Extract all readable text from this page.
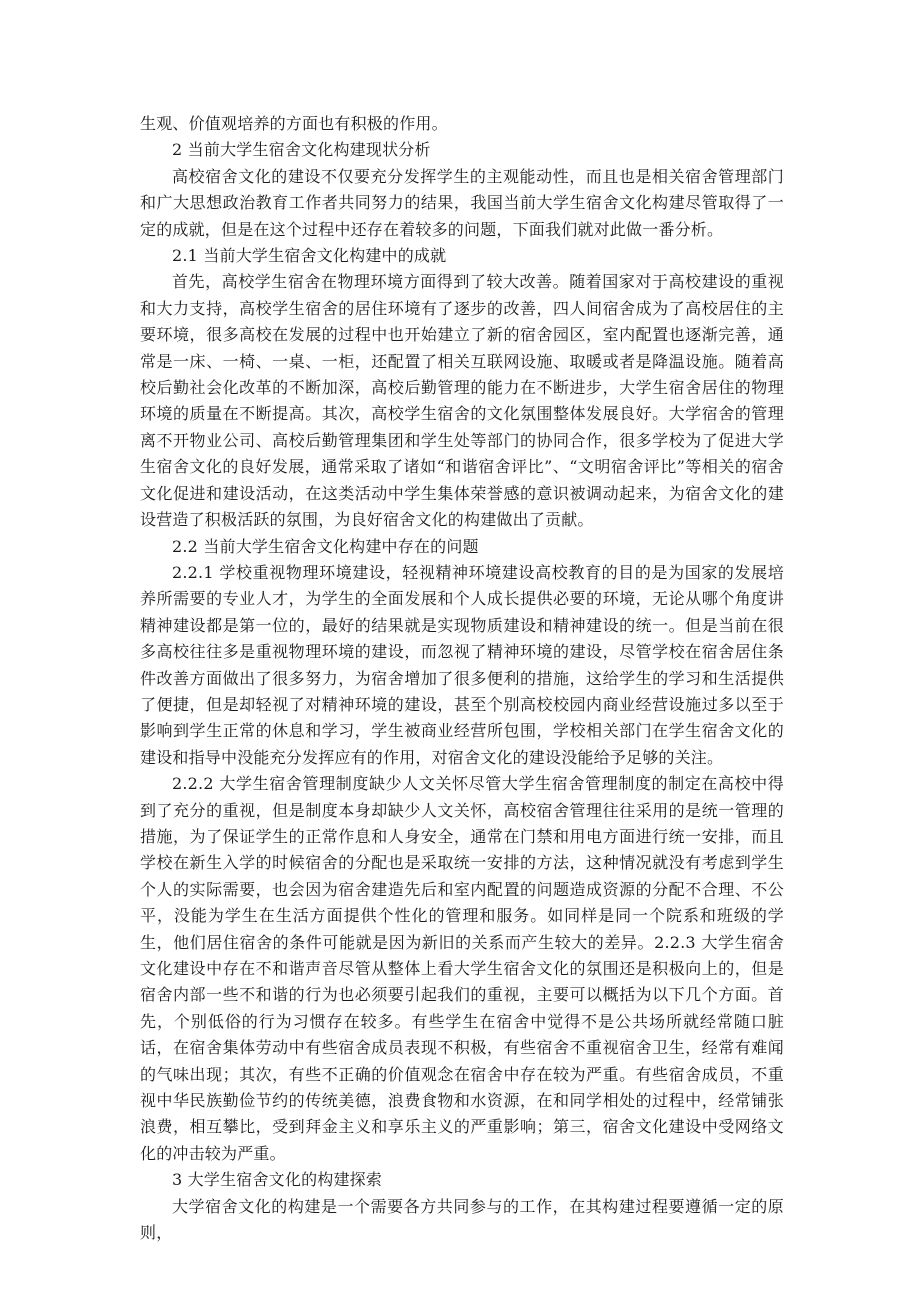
生观、价值观培养的方面也有积极的作用。

2 当前大学生宿舍文化构建现状分析

高校宿舍文化的建设不仅要充分发挥学生的主观能动性，而且也是相关宿舍管理部门和广大思想政治教育工作者共同努力的结果，我国当前大学生宿舍文化构建尽管取得了一定的成就，但是在这个过程中还存在着较多的问题，下面我们就对此做一番分析。

2.1 当前大学生宿舍文化构建中的成就

首先，高校学生宿舍在物理环境方面得到了较大改善。随着国家对于高校建设的重视和大力支持，高校学生宿舍的居住环境有了逐步的改善，四人间宿舍成为了高校居住的主要环境，很多高校在发展的过程中也开始建立了新的宿舍园区，室内配置也逐渐完善，通常是一床、一椅、一桌、一柜，还配置了相关互联网设施、取暖或者是降温设施。随着高校后勤社会化改革的不断加深，高校后勤管理的能力在不断进步，大学生宿舍居住的物理环境的质量在不断提高。其次，高校学生宿舍的文化氛围整体发展良好。大学宿舍的管理离不开物业公司、高校后勤管理集团和学生处等部门的协同合作，很多学校为了促进大学生宿舍文化的良好发展，通常采取了诸如“和谐宿舍评比”、“文明宿舍评比”等相关的宿舍文化促进和建设活动，在这类活动中学生集体荣誉感的意识被调动起来，为宿舍文化的建设营造了积极活跃的氛围，为良好宿舍文化的构建做出了贡献。

2.2 当前大学生宿舍文化构建中存在的问题

2.2.1 学校重视物理环境建设，轻视精神环境建设高校教育的目的是为国家的发展培养所需要的专业人才，为学生的全面发展和个人成长提供必要的环境，无论从哪个角度讲精神建设都是第一位的，最好的结果就是实现物质建设和精神建设的统一。但是当前在很多高校往往多是重视物理环境的建设，而忽视了精神环境的建设，尽管学校在宿舍居住条件改善方面做出了很多努力，为宿舍增加了很多便利的措施，这给学生的学习和生活提供了便捷，但是却轻视了对精神环境的建设，甚至个别高校校园内商业经营设施过多以至于影响到学生正常的休息和学习，学生被商业经营所包围，学校相关部门在学生宿舍文化的建设和指导中没能充分发挥应有的作用，对宿舍文化的建设没能给予足够的关注。

2.2.2 大学生宿舍管理制度缺少人文关怀尽管大学生宿舍管理制度的制定在高校中得到了充分的重视，但是制度本身却缺少人文关怀，高校宿舍管理往往采用的是统一管理的措施，为了保证学生的正常作息和人身安全，通常在门禁和用电方面进行统一安排，而且学校在新生入学的时候宿舍的分配也是采取统一安排的方法，这种情况就没有考虑到学生个人的实际需要，也会因为宿舍建造先后和室内配置的问题造成资源的分配不合理、不公平，没能为学生在生活方面提供个性化的管理和服务。如同样是同一个院系和班级的学生，他们居住宿舍的条件可能就是因为新旧的关系而产生较大的差异。2.2.3 大学生宿舍文化建设中存在不和谐声音尽管从整体上看大学生宿舍文化的氛围还是积极向上的，但是宿舍内部一些不和谐的行为也必须要引起我们的重视，主要可以概括为以下几个方面。首先，个别低俗的行为习惯存在较多。有些学生在宿舍中觉得不是公共场所就经常随口脏话，在宿舍集体劳动中有些宿舍成员表现不积极，有些宿舍不重视宿舍卫生，经常有难闻的气味出现；其次，有些不正确的价值观念在宿舍中存在较为严重。有些宿舍成员，不重视中华民族勤俭节约的传统美德，浪费食物和水资源，在和同学相处的过程中，经常铺张浪费，相互攀比，受到拜金主义和享乐主义的严重影响；第三，宿舍文化建设中受网络文化的冲击较为严重。

3 大学生宿舍文化的构建探索

大学宿舍文化的构建是一个需要各方共同参与的工作，在其构建过程要遵循一定的原则，
